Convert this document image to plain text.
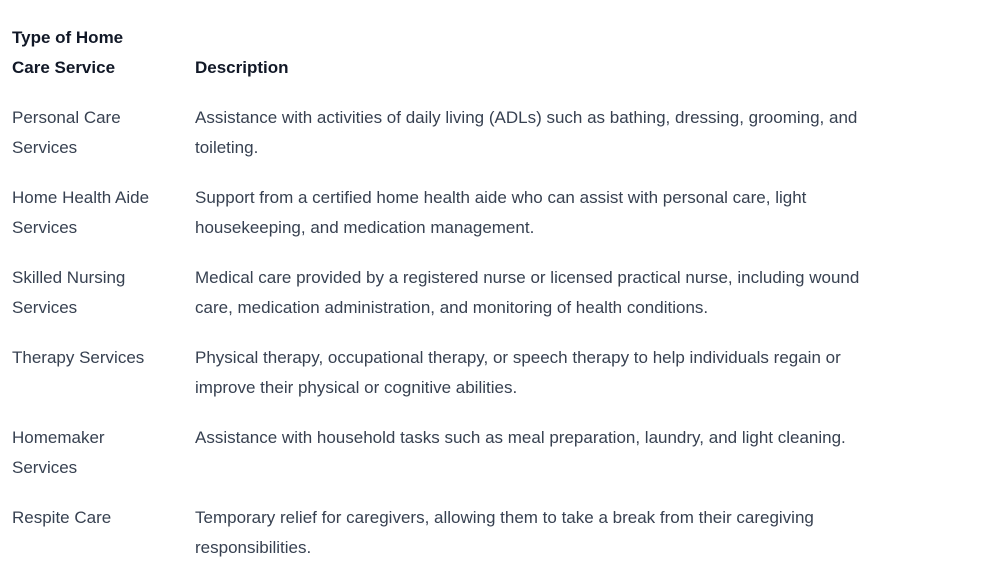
Type of Home Care Service	Description
Personal Care Services	Assistance with activities of daily living (ADLs) such as bathing, dressing, grooming, and toileting.
Home Health Aide Services	Support from a certified home health aide who can assist with personal care, light housekeeping, and medication management.
Skilled Nursing Services	Medical care provided by a registered nurse or licensed practical nurse, including wound care, medication administration, and monitoring of health conditions.
Therapy Services	Physical therapy, occupational therapy, or speech therapy to help individuals regain or improve their physical or cognitive abilities.
Homemaker Services	Assistance with household tasks such as meal preparation, laundry, and light cleaning.
Respite Care	Temporary relief for caregivers, allowing them to take a break from their caregiving responsibilities.
